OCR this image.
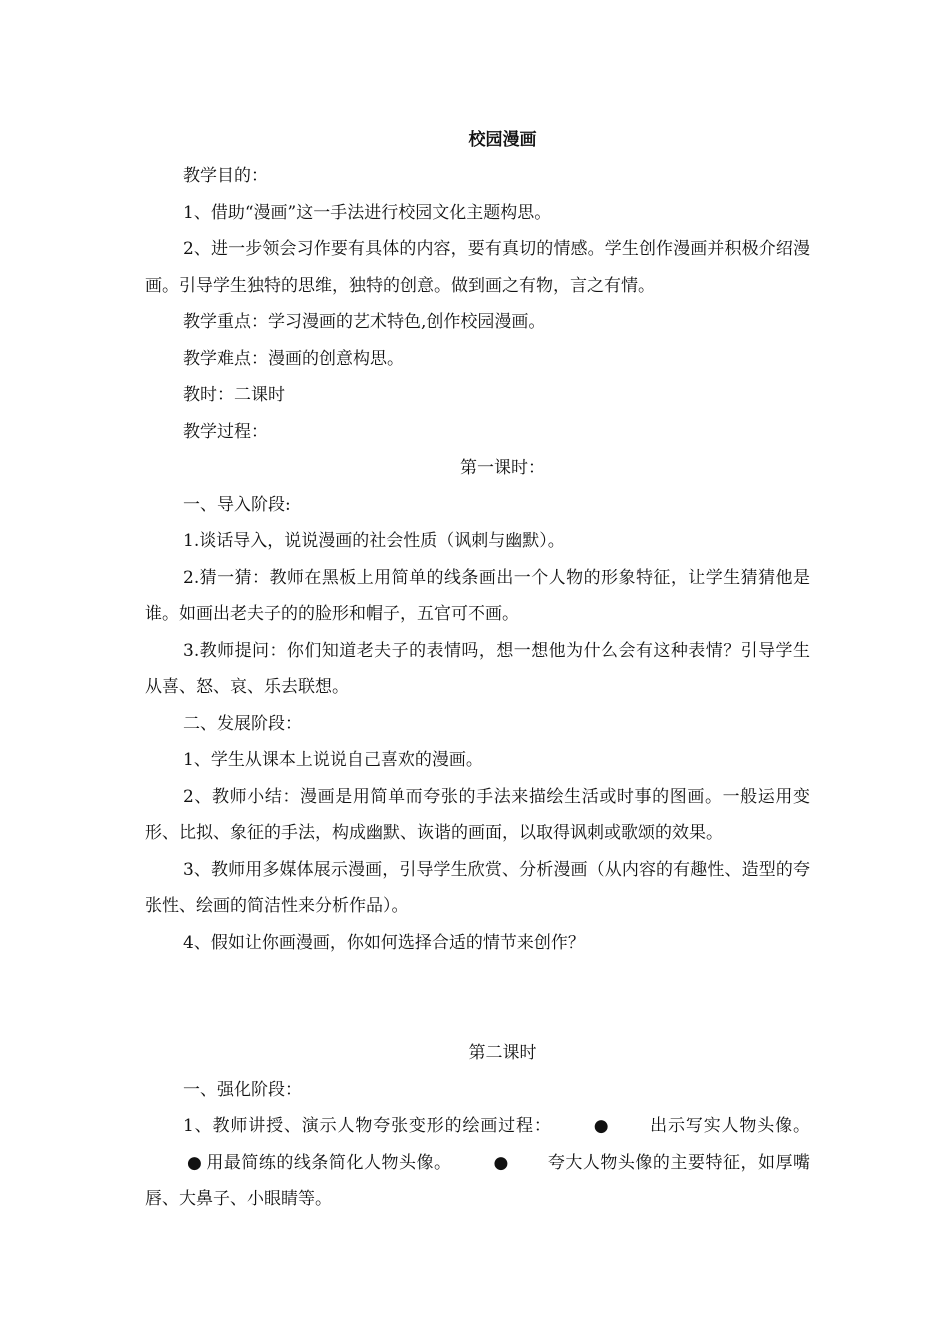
校园漫画

教学目的：

1、借助“漫画”这一手法进行校园文化主题构思。

2、进一步领会习作要有具体的内容，要有真切的情感。学生创作漫画并积极介绍漫画。引导学生独特的思维，独特的创意。做到画之有物，言之有情。

教学重点：学习漫画的艺术特色,创作校园漫画。

教学难点：漫画的创意构思。

教时：二课时

教学过程：

第一课时：

一、导入阶段:

1.谈话导入，说说漫画的社会性质（讽刺与幽默）。

2.猜一猜：教师在黑板上用简单的线条画出一个人物的形象特征，让学生猜猜他是谁。如画出老夫子的的脸形和帽子，五官可不画。

3.教师提问：你们知道老夫子的表情吗，想一想他为什么会有这种表情？引导学生从喜、怒、哀、乐去联想。

二、发展阶段：

1、学生从课本上说说自己喜欢的漫画。

2、教师小结：漫画是用简单而夸张的手法来描绘生活或时事的图画。一般运用变形、比拟、象征的手法，构成幽默、诙谐的画面，以取得讽刺或歌颂的效果。

3、教师用多媒体展示漫画，引导学生欣赏、分析漫画（从内容的有趣性、造型的夸张性、绘画的简洁性来分析作品）。

4、假如让你画漫画，你如何选择合适的情节来创作？

第二课时

一、强化阶段：

1、教师讲授、演示人物夸张变形的绘画过程： ● 出示写实人物头像。● 用最简练的线条简化人物头像。 ● 夸大人物头像的主要特征，如厚嘴唇、大鼻子、小眼睛等。
